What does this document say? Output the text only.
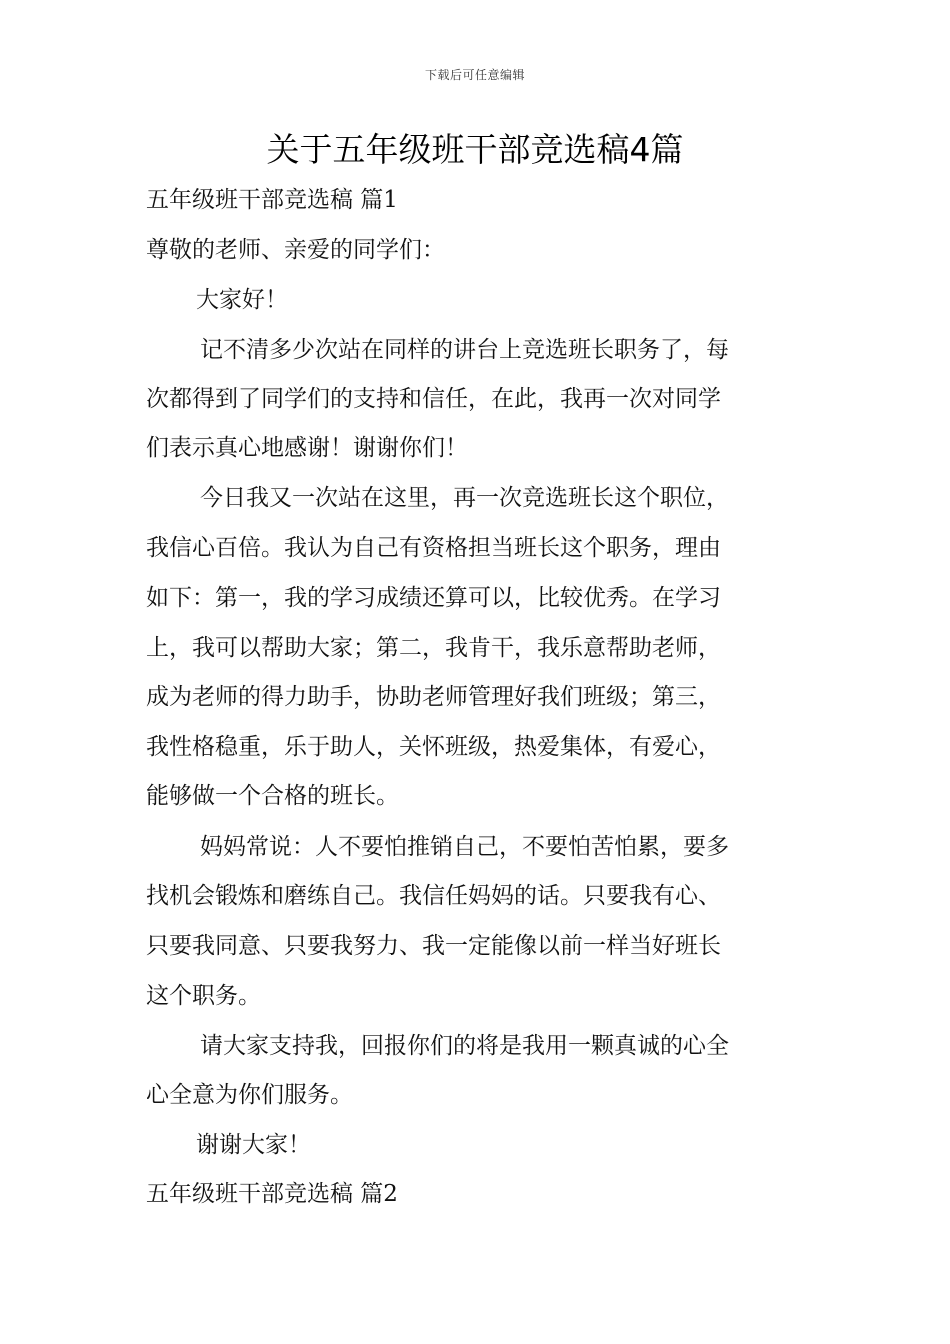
下载后可任意编辑
关于五年级班干部竞选稿4篇
五年级班干部竞选稿 篇1
尊敬的老师、亲爱的同学们：
大家好！
记不清多少次站在同样的讲台上竞选班长职务了，每
次都得到了同学们的支持和信任，在此，我再一次对同学
们表示真心地感谢！谢谢你们！
今日我又一次站在这里，再一次竞选班长这个职位，
我信心百倍。我认为自己有资格担当班长这个职务，理由
如下：第一，我的学习成绩还算可以，比较优秀。在学习
上，我可以帮助大家；第二，我肯干，我乐意帮助老师，
成为老师的得力助手，协助老师管理好我们班级；第三，
我性格稳重，乐于助人，关怀班级，热爱集体，有爱心，
能够做一个合格的班长。
妈妈常说：人不要怕推销自己，不要怕苦怕累，要多
找机会锻炼和磨练自己。我信任妈妈的话。只要我有心、
只要我同意、只要我努力、我一定能像以前一样当好班长
这个职务。
请大家支持我，回报你们的将是我用一颗真诚的心全
心全意为你们服务。
谢谢大家！
五年级班干部竞选稿 篇2
